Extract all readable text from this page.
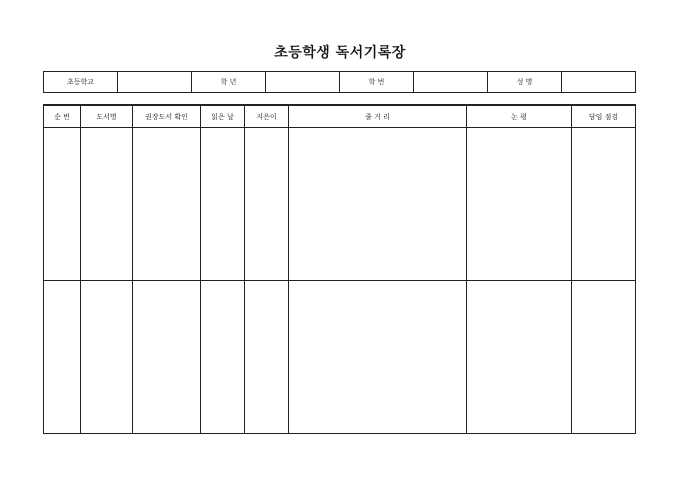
초등학생 독서기록장
초등학교		학 년		학 번		성 명	
순 번	도서명	권장도서 확인	읽은 날	지은이	줄 거 리	논 평	담임 점검
